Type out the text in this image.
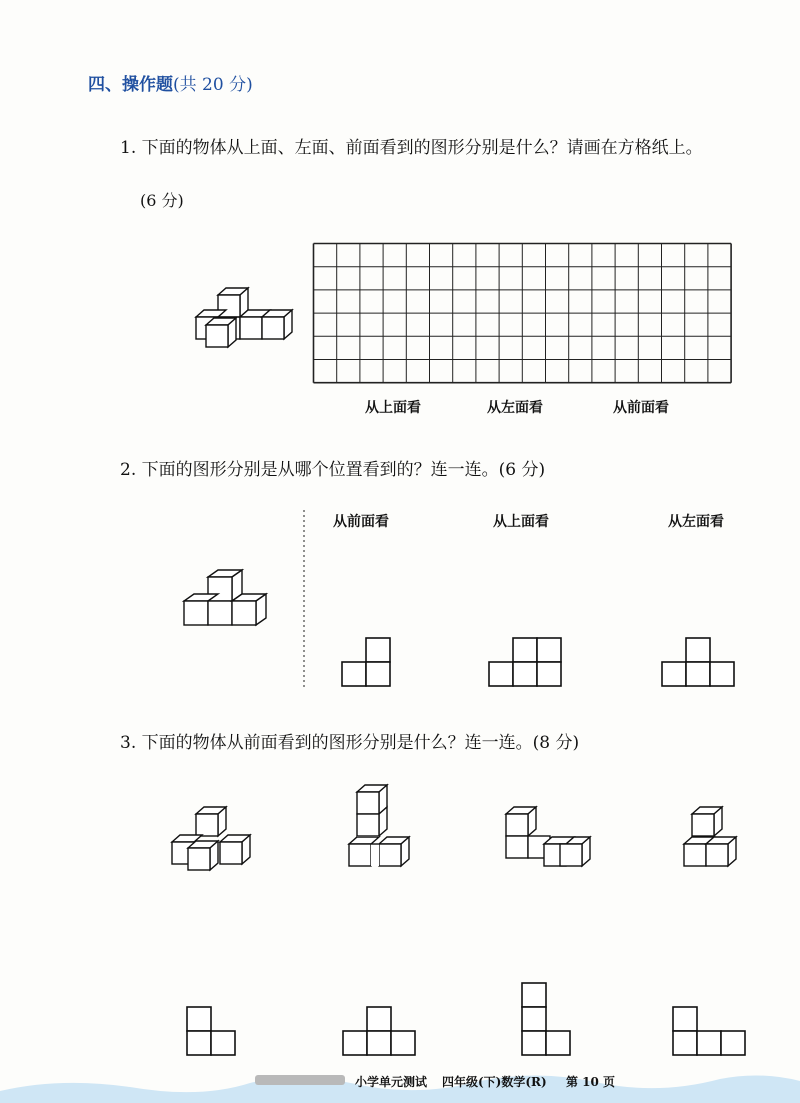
四、操作题(共 20 分)
1. 下面的物体从上面、左面、前面看到的图形分别是什么？请画在方格纸上。
(6 分)
从上面看	从左面看	从前面看
2. 下面的图形分别是从哪个位置看到的？连一连。(6 分)
从前面看	从上面看	从左面看
3. 下面的物体从前面看到的图形分别是什么？连一连。(8 分)
小学单元测试 四年级(下)数学(R) 第 10 页
